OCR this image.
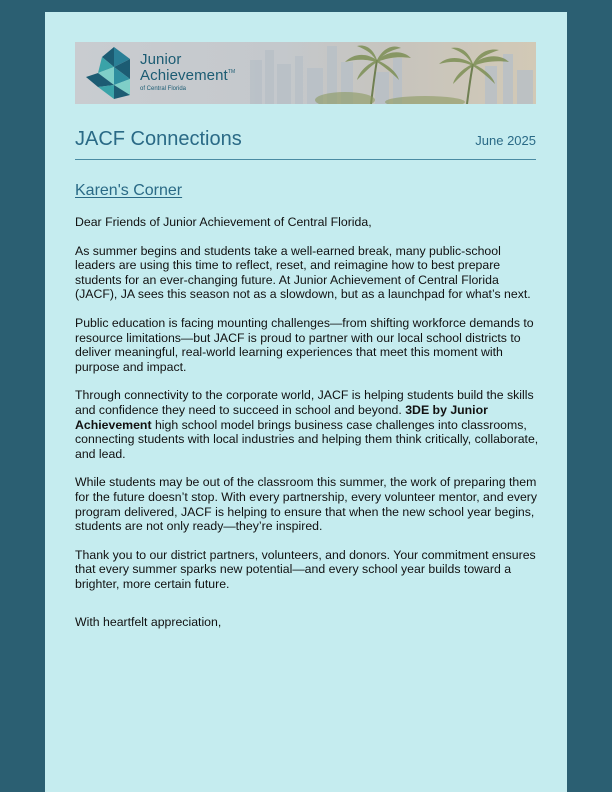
Junior
Achievement™
of Central Florida
JACF Connections	June 2025
Karen's Corner

Dear Friends of Junior Achievement of Central Florida,

As summer begins and students take a well-earned break, many public-school leaders are using this time to reflect, reset, and reimagine how to best prepare students for an ever-changing future. At Junior Achievement of Central Florida (JACF), JA sees this season not as a slowdown, but as a launchpad for what’s next.

Public education is facing mounting challenges—from shifting workforce demands to resource limitations—but JACF is proud to partner with our local school districts to deliver meaningful, real-world learning experiences that meet this moment with purpose and impact.

Through connectivity to the corporate world, JACF is helping students build the skills and confidence they need to succeed in school and beyond. 3DE by Junior Achievement high school model brings business case challenges into classrooms, connecting students with local industries and helping them think critically, collaborate, and lead.

While students may be out of the classroom this summer, the work of preparing them for the future doesn’t stop. With every partnership, every volunteer mentor, and every program delivered, JACF is helping to ensure that when the new school year begins, students are not only ready—they’re inspired.

Thank you to our district partners, volunteers, and donors. Your commitment ensures that every summer sparks new potential—and every school year builds toward a brighter, more certain future.

With heartfelt appreciation,
